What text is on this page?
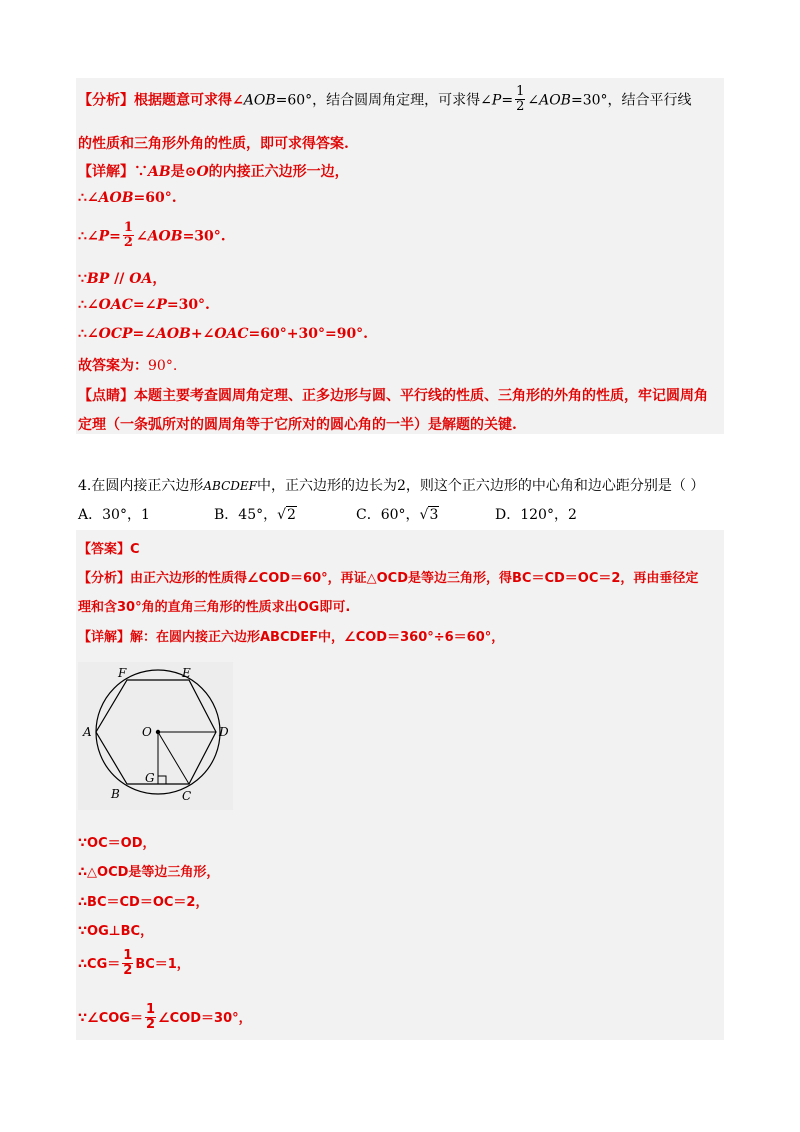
【分析】根据题意可求得∠AOB=60°，结合圆周角定理，可求得∠P= $\frac{1}{2}$ ∠AOB=30°，结合平行线
的性质和三角形外角的性质，即可求得答案.
【详解】∵AB是⊙O的内接正六边形一边，
∴∠AOB=60°.
∴∠P= $\frac{1}{2}$ ∠AOB=30°.
∵BP // OA，
∴∠OAC=∠P=30°.
∴∠OCP=∠AOB+∠OAC=60°+30°=90°.
故答案为：90°.
【点睛】本题主要考查圆周角定理、正多边形与圆、平行线的性质、三角形的外角的性质，牢记圆周角
定理（一条弧所对的圆周角等于它所对的圆心角的一半）是解题的关键.
4.在圆内接正六边形ABCDEF中，正六边形的边长为2，则这个正六边形的中心角和边心距分别是（ ）
A．30°，1	B．45°，√2	C．60°，√3	D．120°，2
【答案】C
【分析】由正六边形的性质得∠COD＝60°，再证△OCD是等边三角形，得BC＝CD＝OC＝2，再由垂径定
理和含30°角的直角三角形的性质求出OG即可.
【详解】解：在圆内接正六边形ABCDEF中，∠COD＝360°÷6＝60°，
F	E
A	D
O
G
B	C
∵OC＝OD，
∴△OCD是等边三角形，
∴BC＝CD＝OC＝2，
∵OG⊥BC，
∴CG＝ $\frac{1}{2} BC=1$，
∵∠COG＝ $\frac{1}{2}$ ∠COD＝30°，
